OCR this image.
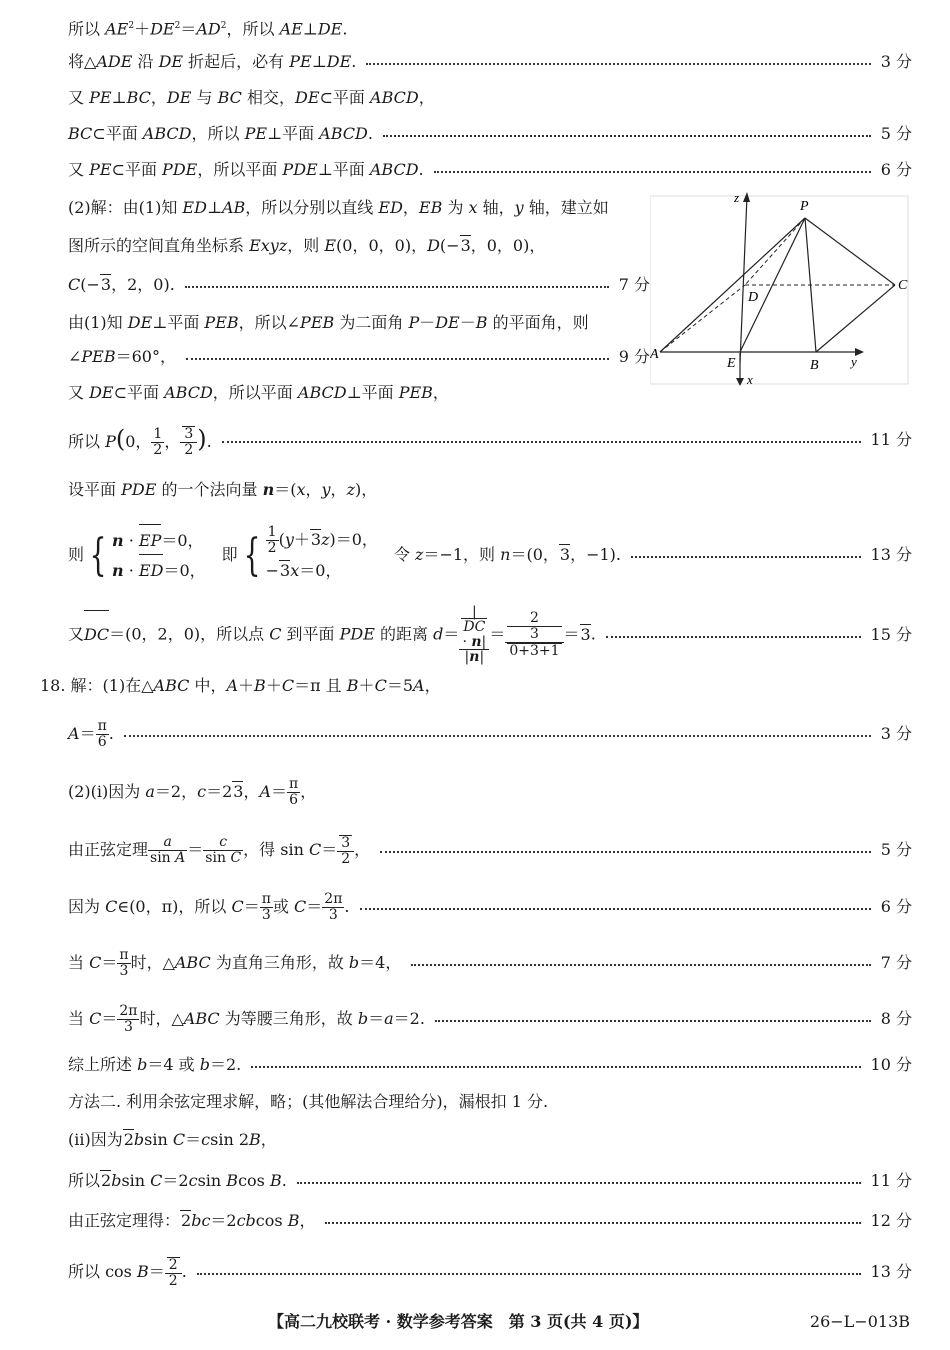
所以 $AE^2+DE^2=AD^2$，所以 AE⊥DE.
将△ADE 沿 DE 折起后，必有 PE⊥DE.	3 分
又 PE⊥BC，DE 与 BC 相交，DE⊂平面 ABCD，
BC⊂平面 ABCD，所以 PE⊥平面 ABCD.	5 分
又 PE⊂平面 PDE，所以平面 PDE⊥平面 ABCD.	6 分
(2)解：由(1)知 ED⊥AB，所以分别以直线 ED，EB 为 x 轴，y 轴，建立如
图所示的空间直角坐标系 Exyz，则 E(0，0，0)，D(−3，0，0)，
C(−3，2，0).	7 分
由(1)知 DE⊥平面 PEB，所以∠PEB 为二面角 P－DE－B 的平面角，则
∠PEB＝60°，	9 分
又 DE⊂平面 ABCD，所以平面 ABCD⊥平面 PEB，
所以 P(0， $\frac{1}{2}$ ， $\frac{3}{2}$ ).	11 分
设平面 PDE 的一个法向量 n＝(x，y，z)，
则 { n · EP＝0，
n · ED＝0，　即 { $\frac{1}{2} (y+3z)=0$，
−3x＝0，　令 z＝−1，则 n＝(0，3，−1).	13 分
又DC＝(0，2，0)，所以点 C 到平面 PDE 的距离 d＝ |
DC
· n|
|n| ＝ 2
3
0+3+1 ＝3.	15 分
18. 解：(1)在△ABC 中，A＋B＋C＝π 且 B＋C＝5A，
$A= \frac{\pi}{6}$ .	3 分
(2)(ⅰ)因为 a＝2，c＝23，$A= \frac{\pi}{6}$ ，
由正弦定理 $\frac{a}{\text{sin A}} = \frac{c}{\text{sin C}}$ ，得 $\sin C= \frac{3}{2}$ ，	5 分
因为 C∈(0，π)，所以 $C= \frac{\pi}{3}$ 或 $C= \frac{2\pi}{3}$ .	6 分
当 $C= \frac{\pi}{3}$ 时，△ABC 为直角三角形，故 b＝4，	7 分
当 $C= \frac{2\pi}{3}$ 时，△ABC 为等腰三角形，故 b＝a＝2.	8 分
综上所述 b＝4 或 b＝2.	10 分
方法二. 利用余弦定理求解，略；(其他解法合理给分)，漏根扣 1 分.
(ⅱ)因为2bsin C＝csin 2B，
所以2bsin C＝2csin Bcos B.	11 分
由正弦定理得：2bc＝2cbcos B，	12 分
所以 $\cos B= \frac{2}{2}$ .	13 分
P
A
B
C
D
E
x
y
z
【高二九校联考 · 数学参考答案　第 3 页(共 4 页)】	26−L−013B
